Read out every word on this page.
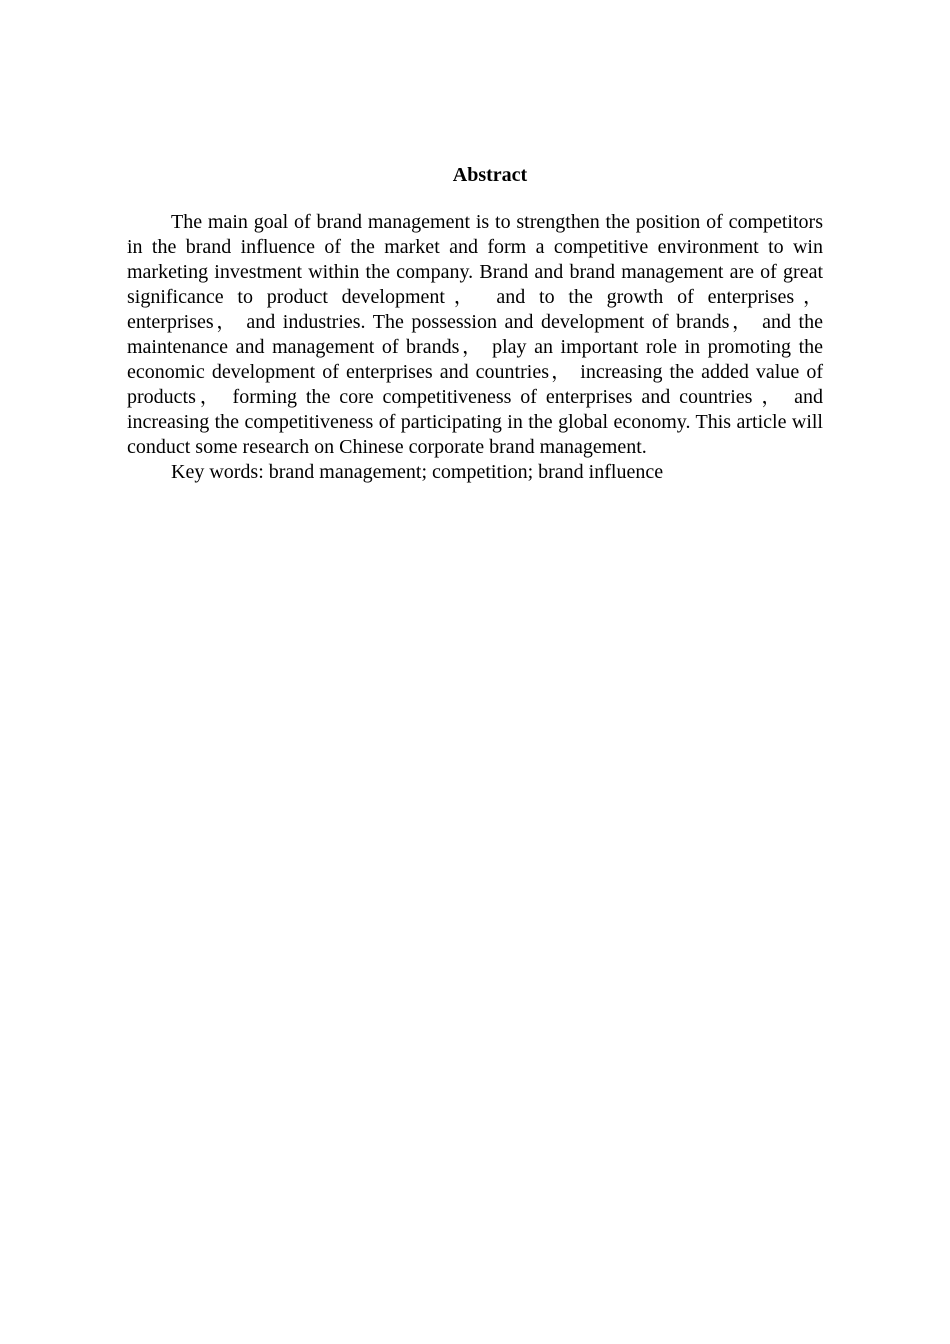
Abstract

The main goal of brand management is to strengthen the position of competitors in the brand influence of the market and form a competitive environment to win marketing investment within the company. Brand and brand management are of great significance to product development， and to the growth of enterprises， enterprises， and industries. The possession and development of brands， and the maintenance and management of brands， play an important role in promoting the economic development of enterprises and countries， increasing the added value of products， forming the core competitiveness of enterprises and countries ， and increasing the competitiveness of participating in the global economy. This article will conduct some research on Chinese corporate brand management.

Key words: brand management; competition; brand influence
